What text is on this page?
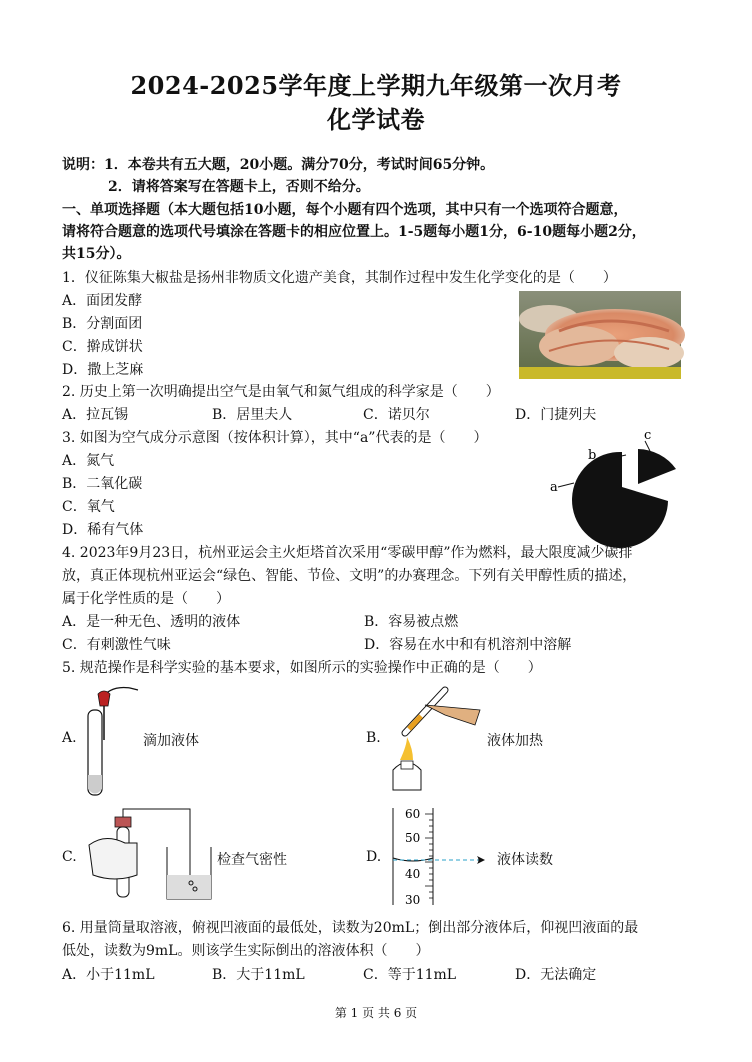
2024-2025学年度上学期九年级第一次月考
化学试卷
说明：1．本卷共有五大题，20小题。满分70分，考试时间65分钟。
2．请将答案写在答题卡上，否则不给分。
一、单项选择题（本大题包括10小题，每个小题有四个选项，其中只有一个选项符合题意，
请将符合题意的选项代号填涂在答题卡的相应位置上。1-5题每小题1分，6-10题每小题2分，
共15分）。
1．仪征陈集大椒盐是扬州非物质文化遗产美食，其制作过程中发生化学变化的是（　　）
A．面团发酵
B．分割面团
C．擀成饼状
D．撒上芝麻
2. 历史上第一次明确提出空气是由氧气和氮气组成的科学家是（　　）
A．拉瓦锡	B．居里夫人	C．诺贝尔	D．门捷列夫
3. 如图为空气成分示意图（按体积计算），其中“a”代表的是（　　）
A．氮气
B．二氧化碳
C．氧气
D．稀有气体
b
c
a
4. 2023年9月23日，杭州亚运会主火炬塔首次采用“零碳甲醇”作为燃料，最大限度减少碳排
放，真正体现杭州亚运会“绿色、智能、节俭、文明”的办赛理念。下列有关甲醇性质的描述，
属于化学性质的是（　　）
A．是一种无色、透明的液体	B．容易被点燃
C．有刺激性气味	D．容易在水中和有机溶剂中溶解
5. 规范操作是科学实验的基本要求，如图所示的实验操作中正确的是（　　）
A.	滴加液体	B.	液体加热
C.	检查气密性	D.
60
50
40
30
液体读数
6. 用量筒量取溶液，俯视凹液面的最低处，读数为20mL；倒出部分液体后，仰视凹液面的最
低处，读数为9mL。则该学生实际倒出的溶液体积（　　）
A．小于11mL	B．大于11mL	C．等于11mL	D．无法确定
第 1 页 共 6 页
